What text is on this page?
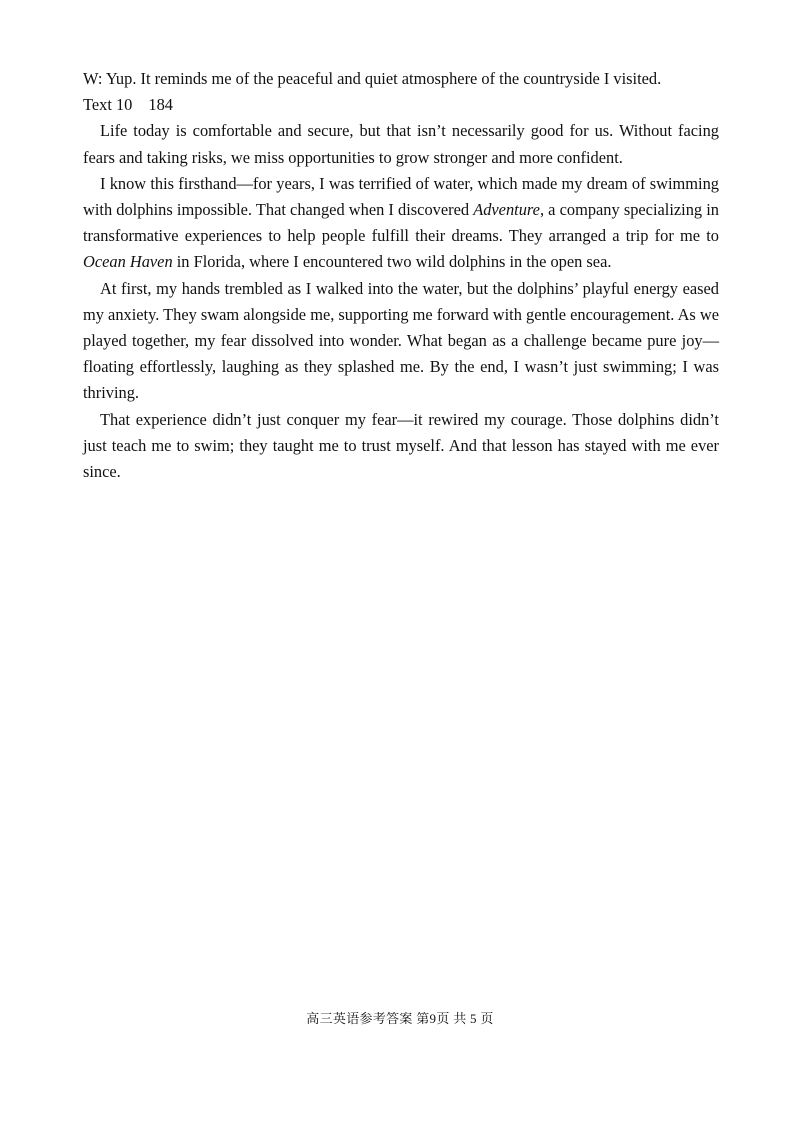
W: Yup. It reminds me of the peaceful and quiet atmosphere of the countryside I visited.

Text 10 184

Life today is comfortable and secure, but that isn’t necessarily good for us. Without facing fears and taking risks, we miss opportunities to grow stronger and more confident.

I know this firsthand—for years, I was terrified of water, which made my dream of swimming with dolphins impossible. That changed when I discovered Adventure, a company specializing in transformative experiences to help people fulfill their dreams. They arranged a trip for me to Ocean Haven in Florida, where I encountered two wild dolphins in the open sea.

At first, my hands trembled as I walked into the water, but the dolphins’ playful energy eased my anxiety. They swam alongside me, supporting me forward with gentle encouragement. As we played together, my fear dissolved into wonder. What began as a challenge became pure joy—floating effortlessly, laughing as they splashed me. By the end, I wasn’t just swimming; I was thriving.

That experience didn’t just conquer my fear—it rewired my courage. Those dolphins didn’t just teach me to swim; they taught me to trust myself. And that lesson has stayed with me ever since.

高三英语参考答案 第9页 共 5 页
